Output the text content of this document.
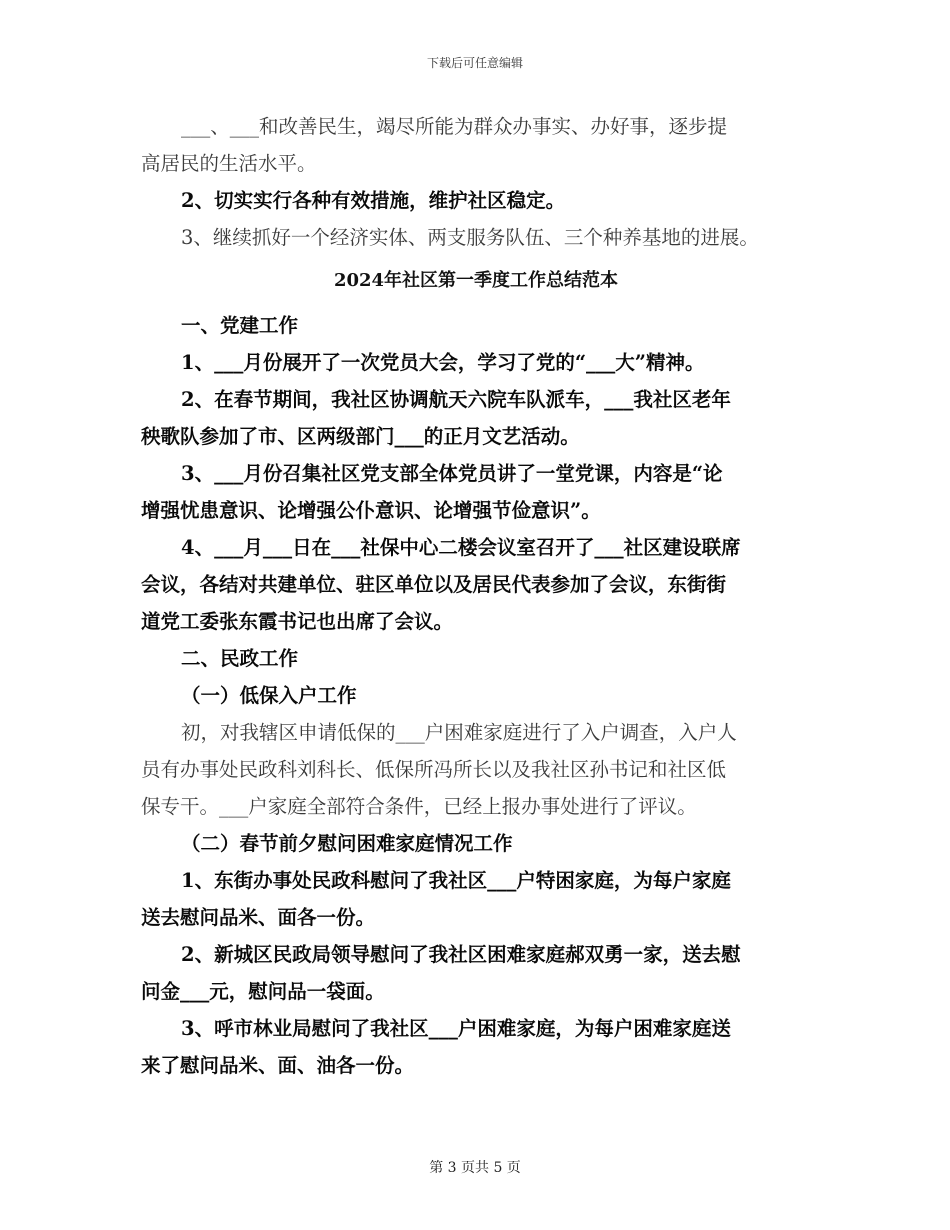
下载后可任意编辑
___、___和改善民生，竭尽所能为群众办事实、办好事，逐步提
高居民的生活水平。
2、切实实行各种有效措施，维护社区稳定。
3、继续抓好一个经济实体、两支服务队伍、三个种养基地的进展。
2024年社区第一季度工作总结范本
一、党建工作
1、___月份展开了一次党员大会，学习了党的“___大”精神。
2、在春节期间，我社区协调航天六院车队派车，___我社区老年
秧歌队参加了市、区两级部门___的正月文艺活动。
3、___月份召集社区党支部全体党员讲了一堂党课，内容是“论
增强忧患意识、论增强公仆意识、论增强节俭意识”。
4、___月___日在___社保中心二楼会议室召开了___社区建设联席
会议，各结对共建单位、驻区单位以及居民代表参加了会议，东街街
道党工委张东霞书记也出席了会议。
二、民政工作
（一）低保入户工作
初，对我辖区申请低保的___户困难家庭进行了入户调查，入户人
员有办事处民政科刘科长、低保所冯所长以及我社区孙书记和社区低
保专干。___户家庭全部符合条件，已经上报办事处进行了评议。
（二）春节前夕慰问困难家庭情况工作
1、东街办事处民政科慰问了我社区___户特困家庭，为每户家庭
送去慰问品米、面各一份。
2、新城区民政局领导慰问了我社区困难家庭郝双勇一家，送去慰
问金___元，慰问品一袋面。
3、呼市林业局慰问了我社区___户困难家庭，为每户困难家庭送
来了慰问品米、面、油各一份。
第 3 页共 5 页
